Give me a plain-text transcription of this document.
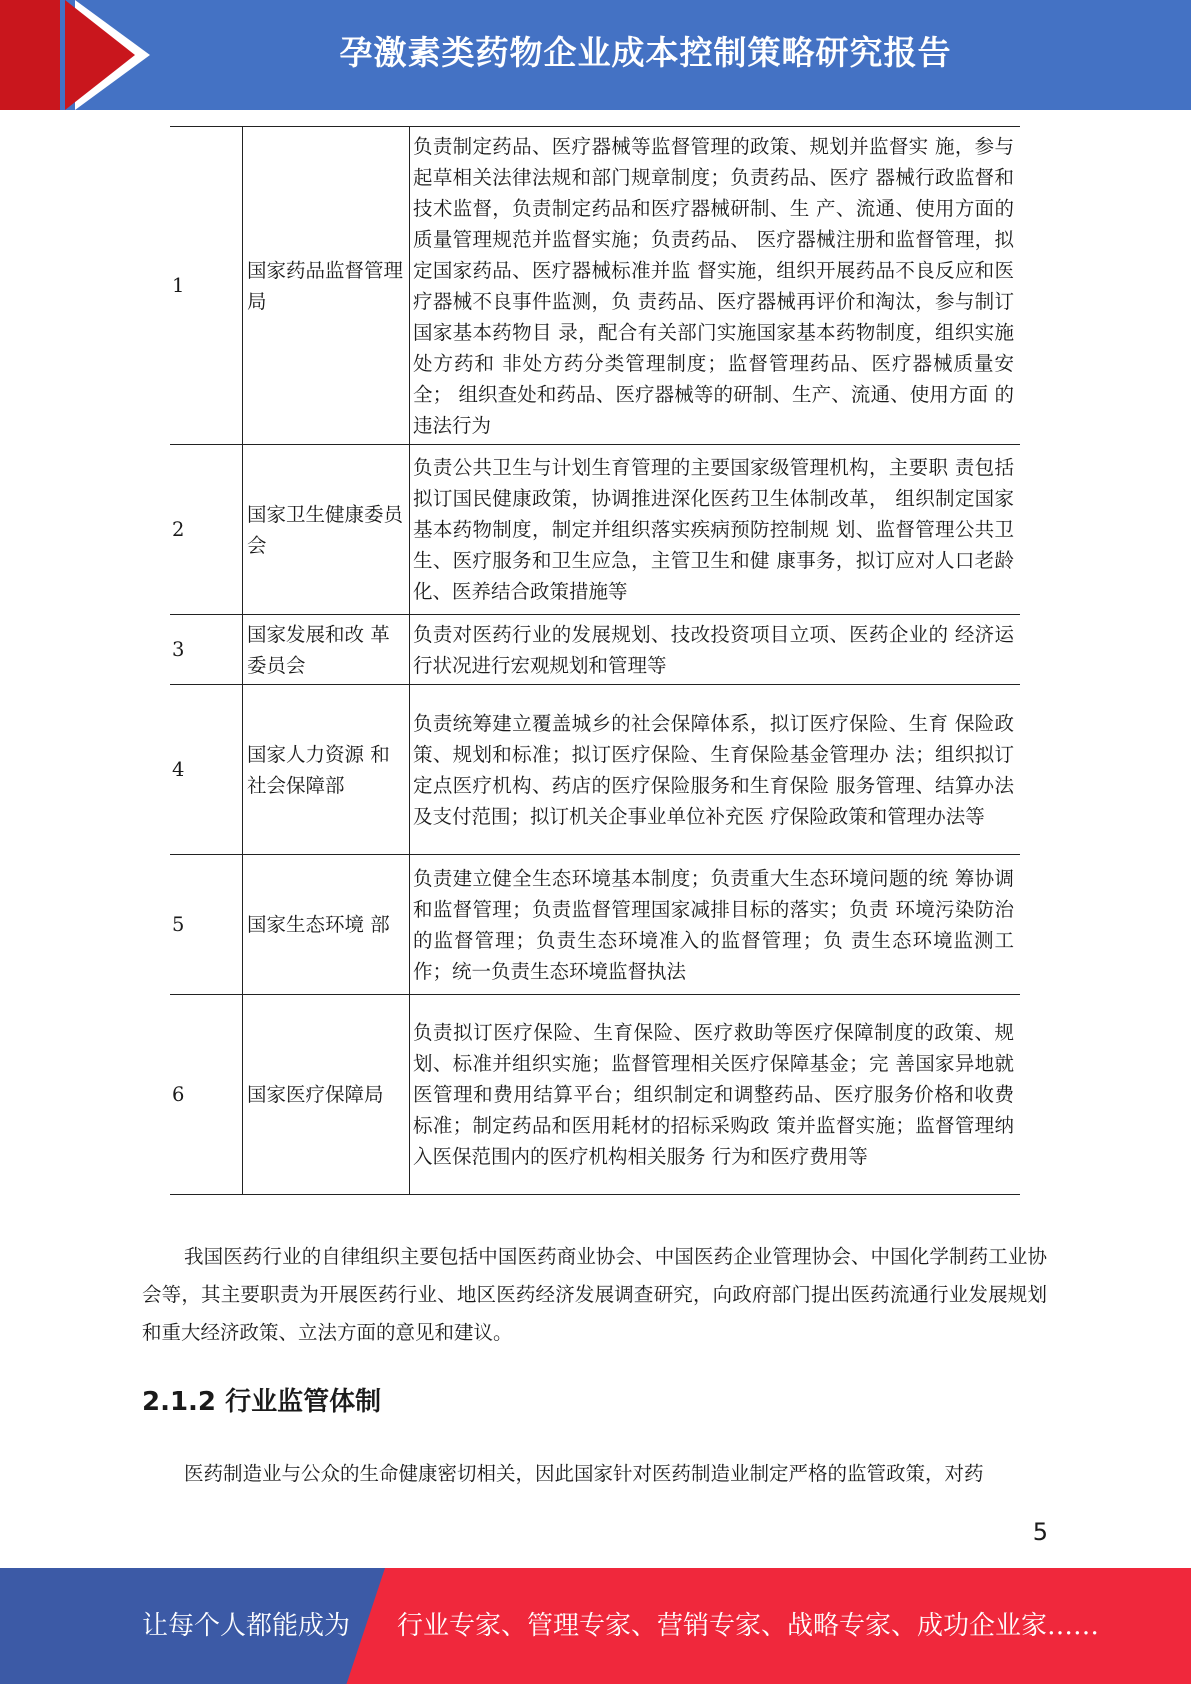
孕激素类药物企业成本控制策略研究报告
1	国家药品监督管理局	负责制定药品、医疗器械等监督管理的政策、规划并监督实 施，参与起草相关法律法规和部门规章制度；负责药品、医疗 器械行政监督和技术监督，负责制定药品和医疗器械研制、生 产、流通、使用方面的质量管理规范并监督实施；负责药品、 医疗器械注册和监督管理，拟定国家药品、医疗器械标准并监 督实施，组织开展药品不良反应和医疗器械不良事件监测，负 责药品、医疗器械再评价和淘汰，参与制订国家基本药物目 录，配合有关部门实施国家基本药物制度，组织实施处方药和 非处方药分类管理制度；监督管理药品、医疗器械质量安全； 组织查处和药品、医疗器械等的研制、生产、流通、使用方面 的违法行为
2	国家卫生健康委员会	负责公共卫生与计划生育管理的主要国家级管理机构，主要职 责包括拟订国民健康政策，协调推进深化医药卫生体制改革， 组织制定国家基本药物制度，制定并组织落实疾病预防控制规 划、监督管理公共卫生、医疗服务和卫生应急，主管卫生和健 康事务，拟订应对人口老龄化、医养结合政策措施等
3	国家发展和改 革委员会	负责对医药行业的发展规划、技改投资项目立项、医药企业的 经济运行状况进行宏观规划和管理等
4	国家人力资源 和社会保障部	负责统筹建立覆盖城乡的社会保障体系，拟订医疗保险、生育 保险政策、规划和标准；拟订医疗保险、生育保险基金管理办 法；组织拟订定点医疗机构、药店的医疗保险服务和生育保险 服务管理、结算办法及支付范围；拟订机关企事业单位补充医 疗保险政策和管理办法等
5	国家生态环境 部	负责建立健全生态环境基本制度；负责重大生态环境问题的统 筹协调和监督管理；负责监督管理国家减排目标的落实；负责 环境污染防治的监督管理；负责生态环境准入的监督管理；负 责生态环境监测工作；统一负责生态环境监督执法
6	国家医疗保障局	负责拟订医疗保险、生育保险、医疗救助等医疗保障制度的政策、规划、标准并组织实施；监督管理相关医疗保障基金；完 善国家异地就医管理和费用结算平台；组织制定和调整药品、医疗服务价格和收费标准；制定药品和医用耗材的招标采购政 策并监督实施；监督管理纳入医保范围内的医疗机构相关服务 行为和医疗费用等

我国医药行业的自律组织主要包括中国医药商业协会、中国医药企业管理协会、中国化学制药工业协会等，其主要职责为开展医药行业、地区医药经济发展调查研究，向政府部门提出医药流通行业发展规划和重大经济政策、立法方面的意见和建议。

2.1.2 行业监管体制

医药制造业与公众的生命健康密切相关，因此国家针对医药制造业制定严格的监管政策，对药

5
让每个人都能成为 行业专家、管理专家、营销专家、战略专家、成功企业家……
